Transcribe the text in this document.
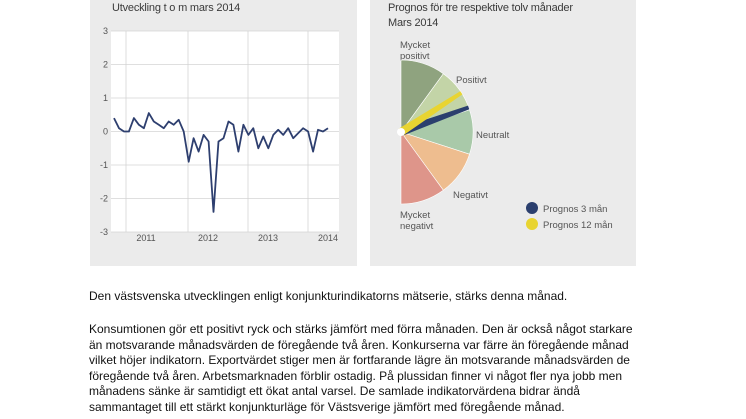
Utveckling t o m mars 2014
3
2
1
0
-1
-2
-3
2011	2012	2013	2014
Prognos för tre respektive tolv månader
Mars 2014
Mycket
positivt
Positivt
Neutralt
Negativt
Mycket
negativt
Prognos 3 mån
Prognos 12 mån

Den västsvenska utvecklingen enligt konjunkturindikatorns mätserie, stärks denna månad.

Konsumtionen gör ett positivt ryck och stärks jämfört med förra månaden. Den är också något starkare
än motsvarande månadsvärden de föregående två åren. Konkurserna var färre än föregående månad
vilket höjer indikatorn. Exportvärdet stiger men är fortfarande lägre än motsvarande månadsvärden de
föregående två åren. Arbetsmarknaden förblir ostadig. På plussidan finner vi något fler nya jobb men
månadens sänke är samtidigt ett ökat antal varsel. De samlade indikatorvärdena bidrar ändå
sammantaget till ett stärkt konjunkturläge för Västsverige jämfört med föregående månad.
